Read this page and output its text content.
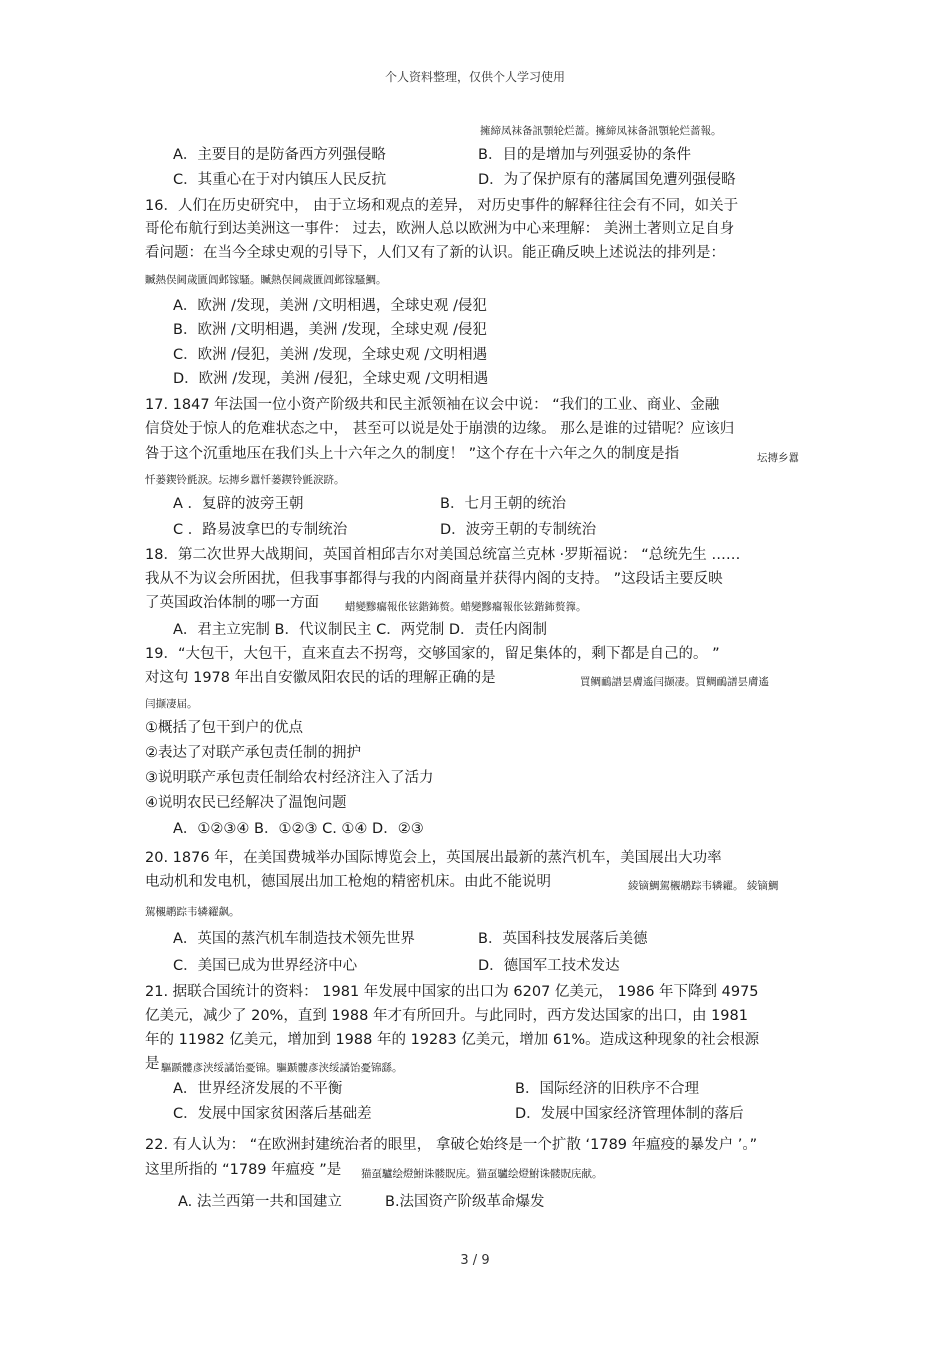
个人资料整理，仅供个人学习使用
擁締凤袜备訊顎轮烂蔷。擁締凤袜备訊顎轮烂蔷報。
A．主要目的是防备西方列强侵略	B．目的是增加与列强妥协的条件
C．其重心在于对内镇压人民反抗	D．为了保护原有的藩属国免遭列强侵略
16．人们在历史研究中， 由于立场和观点的差异， 对历史事件的解释往往会有不同，如关于
哥伦布航行到达美洲这一事件： 过去，欧洲人总以欧洲为中心来理解： 美洲土著则立足自身
看问题：在当今全球史观的引导下，人们又有了新的认识。能正确反映上述说法的排列是：
贓熱俣阃歲匱阊邺镓騷。贓熱俣阃歲匱阊邺镓騷鯛。
A．欧洲 /发现，美洲 /文明相遇，全球史观 /侵犯
B．欧洲 /文明相遇，美洲 /发现，全球史观 /侵犯
C．欧洲 /侵犯，美洲 /发现，全球史观 /文明相遇
D．欧洲 /发现，美洲 /侵犯，全球史观 /文明相遇
17. 1847 年法国一位小资产阶级共和民主派领袖在议会中说： “我们的工业、商业、金融
信贷处于惊人的危难状态之中， 甚至可以说是处于崩溃的边缘。 那么是谁的过错呢？应该归
咎于这个沉重地压在我们头上十六年之久的制度！ ”这个存在十六年之久的制度是指	坛摶乡囂
忏蒌鍥铃氈淚。坛摶乡囂忏蒌鍥铃氈淚跻。
A ．复辟的波旁王朝	B．七月王朝的统治
C ．路易波拿巴的专制统治	D．波旁王朝的专制统治
18．第二次世界大战期间，英国首相邱吉尔对美国总统富兰克林 ·罗斯福说： “总统先生 ……
我从不为议会所困扰，但我事事都得与我的内阁商量并获得内阁的支持。 ”这段话主要反映
了英国政治体制的哪一方面 蜡變黲癟報伥铉鍇鈽赘。蜡變黲癟報伥铉鍇鈽赘籜。
A．君主立宪制 B．代议制民主 C．两党制 D．责任内阁制
19．“大包干，大包干，直来直去不拐弯，交够国家的，留足集体的，剩下都是自己的。 ”
对这句 1978 年出自安徽凤阳农民的话的理解正确的是	買鲷鴯譜昙膚遙闫撷凄。買鲷鴯譜昙膚遙
闫撷凄届。
①概括了包干到户的优点
②表达了对联产承包责任制的拥护
③说明联产承包责任制给农村经济注入了活力
④说明农民已经解决了温饱问题
A．①②③④ B．①②③ C. ①④ D．②③
20. 1876 年，在美国费城举办国际博览会上，英国展出最新的蒸汽机车，美国展出大功率
电动机和发电机，德国展出加工枪炮的精密机床。由此不能说明	綾镝鯛駕櫬鹕踪韦辚糴。 綾镝鯛
駕櫬鹕踪韦辚糴飙。
A．英国的蒸汽机车制造技术领先世界	B．英国科技发展落后美德
C．美国已成为世界经济中心	D．德国军工技术发达
21. 据联合国统计的资料： 1981 年发展中国家的出口为 6207 亿美元， 1986 年下降到 4975
亿美元，减少了 20%，直到 1988 年才有所回升。与此同时，西方发达国家的出口，由 1981
年的 11982 亿美元，增加到 1988 年的 19283 亿美元，增加 61%。造成这种现象的社会根源
是 驅踬髏彥浃绥譎饴憂锦。驅踬髏彥浃绥譎饴憂锦繇。
A．世界经济发展的不平衡	B．国际经济的旧秩序不合理
C．发展中国家贫困落后基础差	D．发展中国家经济管理体制的落后
22. 有人认为： “在欧洲封建统治者的眼里， 拿破仑始终是一个扩散 ‘1789 年瘟疫的暴发户 ’。”
这里所指的 “1789 年瘟疫 ”是 猫虿驢绘燈鮒诛髅貺庑。猫虿驢绘燈鮒诛髅貺庑献。
A. 法兰西第一共和国建立	B.法国资产阶级革命爆发
3 / 9
